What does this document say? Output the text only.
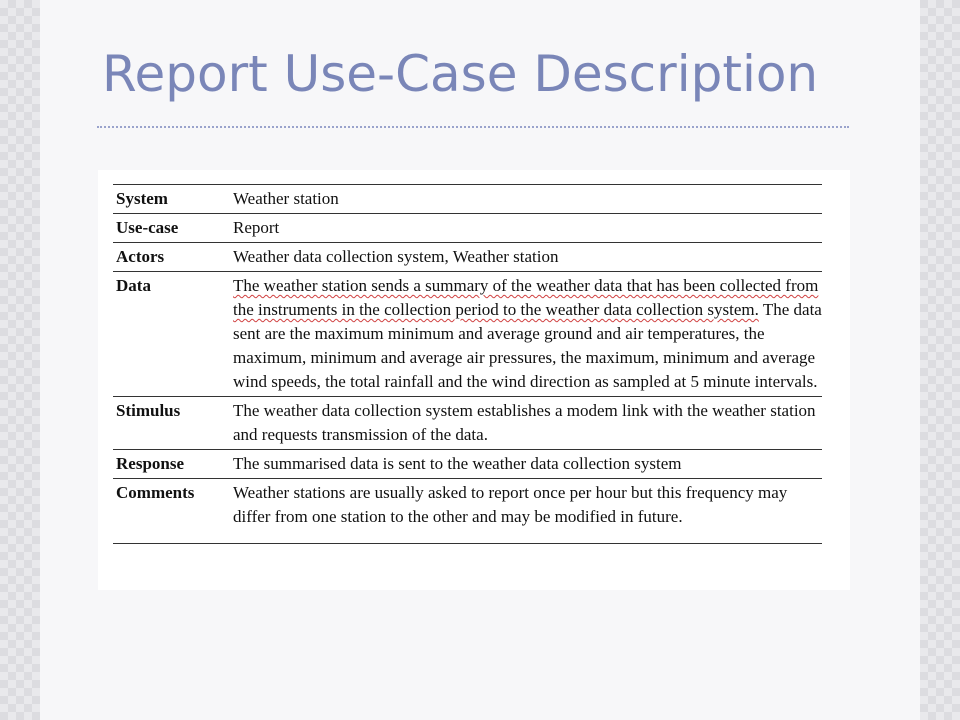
Report Use-Case Description
System	Weather station
Use-case	Report
Actors	Weather data collection system, Weather station
Data	The weather station sends a summary of the weather data that has been collected from the instruments in the collection period to the weather data collection system. The data sent are the maximum minimum and average ground and air temperatures, the maximum, minimum and average air pressures, the maximum, minimum and average wind speeds, the total rainfall and the wind direction as sampled at 5 minute intervals.
Stimulus	The weather data collection system establishes a modem link with the weather station and requests transmission of the data.
Response	The summarised data is sent to the weather data collection system
Comments	Weather stations are usually asked to report once per hour but this frequency may differ from one station to the other and may be modified in future.
